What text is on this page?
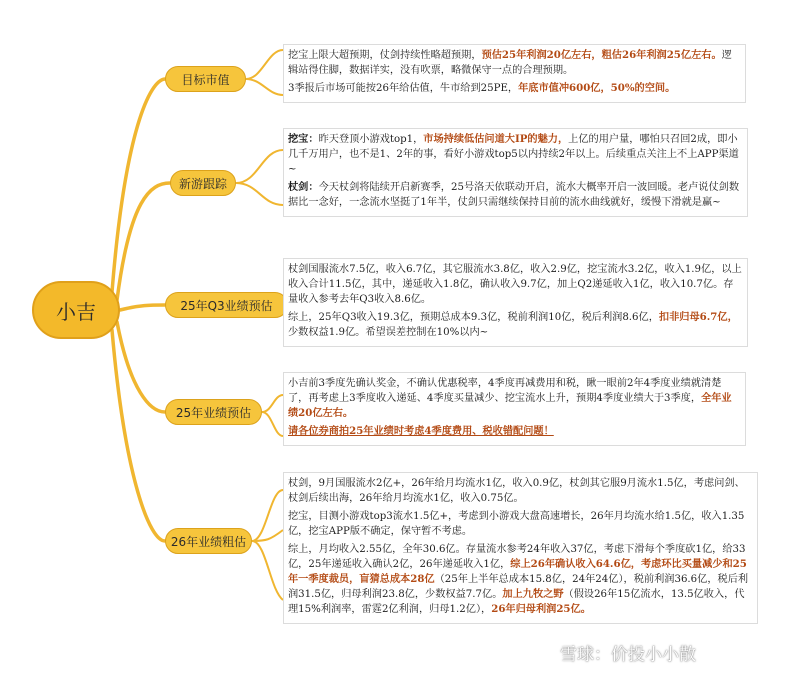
小吉
目标市值
新游跟踪
25年Q3业绩预估
25年业绩预估
26年业绩粗估

挖宝上限大超预期，仗剑持续性略超预期，预估25年利润20亿左右，粗估26年利润25亿左右。逻辑站得住脚，数据详实，没有吹票，略微保守一点的合理预期。

3季报后市场可能按26年给估值，牛市给到25PE，年底市值冲600亿，50%的空间。

挖宝：昨天登顶小游戏top1，市场持续低估问道大IP的魅力，上亿的用户量，哪怕只召回2成，即小几千万用户，也不是1、2年的事，看好小游戏top5以内持续2年以上。后续重点关注上不上APP渠道~

杖剑：今天杖剑将陆续开启新赛季，25号洛天依联动开启，流水大概率开启一波回暖。老卢说仗剑数据比一念好，一念流水坚挺了1年半，仗剑只需继续保持目前的流水曲线就好，缓慢下滑就是赢~

杖剑国服流水7.5亿，收入6.7亿，其它服流水3.8亿，收入2.9亿，挖宝流水3.2亿，收入1.9亿，以上收入合计11.5亿，其中，递延收入1.8亿，确认收入9.7亿，加上Q2递延收入1亿，收入10.7亿。存量收入参考去年Q3收入8.6亿。

综上，25年Q3收入19.3亿，预期总成本9.3亿，税前利润10亿，税后利润8.6亿，扣非归母6.7亿，少数权益1.9亿。希望误差控制在10%以内~

小吉前3季度先确认奖金，不确认优惠税率，4季度再减费用和税，瞅一眼前2年4季度业绩就清楚了，再考虑上3季度收入递延、4季度买量减少、挖宝流水上升，预期4季度业绩大于3季度，全年业绩20亿左右。

请各位券商拍25年业绩时考虑4季度费用、税收错配问题！

杖剑，9月国服流水2亿+，26年给月均流水1亿，收入0.9亿，杖剑其它服9月流水1.5亿，考虑问剑、杖剑后续出海，26年给月均流水1亿，收入0.75亿。

挖宝，目测小游戏top3流水1.5亿+，考虑到小游戏大盘高速增长，26年月均流水给1.5亿，收入1.35亿，挖宝APP版不确定，保守暂不考虑。

综上，月均收入2.55亿，全年30.6亿。存量流水参考24年收入37亿，考虑下滑每个季度砍1亿，给33亿，25年递延收入确认2亿，26年递延收入1亿，综上26年确认收入64.6亿，考虑环比买量减少和25年一季度裁员，盲猜总成本28亿（25年上半年总成本15.8亿，24年24亿），税前利润36.6亿，税后利润31.5亿，归母利润23.8亿，少数权益7.7亿。加上九牧之野（假设26年15亿流水，13.5亿收入，代理15%利润率，雷霆2亿利润，归母1.2亿），26年归母利润25亿。

雪球：价投小小散
